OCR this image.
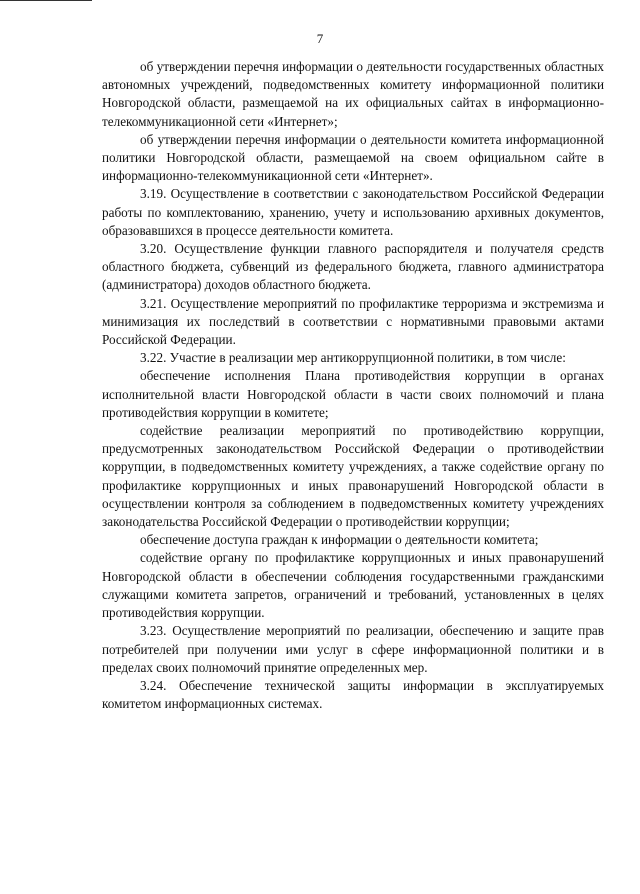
7

об утверждении перечня информации о деятельности государственных областных автономных учреждений, подведомственных комитету информационной политики Новгородской области, размещаемой на их официальных сайтах в информационно-телекоммуникационной сети «Интернет»;

об утверждении перечня информации о деятельности комитета информационной политики Новгородской области, размещаемой на своем официальном сайте в информационно-телекоммуникационной сети «Интернет».

3.19. Осуществление в соответствии с законодательством Российской Федерации работы по комплектованию, хранению, учету и использованию архивных документов, образовавшихся в процессе деятельности комитета.

3.20. Осуществление функции главного распорядителя и получателя средств областного бюджета, субвенций из федерального бюджета, главного администратора (администратора) доходов областного бюджета.

3.21. Осуществление мероприятий по профилактике терроризма и экстремизма и минимизация их последствий в соответствии с нормативными правовыми актами Российской Федерации.

3.22. Участие в реализации мер антикоррупционной политики, в том числе:

обеспечение исполнения Плана противодействия коррупции в органах исполнительной власти Новгородской области в части своих полномочий и плана противодействия коррупции в комитете;

содействие реализации мероприятий по противодействию коррупции, предусмотренных законодательством Российской Федерации о противодействии коррупции, в подведомственных комитету учреждениях, а также содействие органу по профилактике коррупционных и иных правонарушений Новгородской области в осуществлении контроля за соблюдением в подведомственных комитету учреждениях законодательства Российской Федерации о противодействии коррупции;

обеспечение доступа граждан к информации о деятельности комитета;

содействие органу по профилактике коррупционных и иных правонарушений Новгородской области в обеспечении соблюдения государственными гражданскими служащими комитета запретов, ограничений и требований, установленных в целях противодействия коррупции.

3.23. Осуществление мероприятий по реализации, обеспечению и защите прав потребителей при получении ими услуг в сфере информационной политики и в пределах своих полномочий принятие определенных мер.

3.24. Обеспечение технической защиты информации в эксплуатируемых комитетом информационных системах.
